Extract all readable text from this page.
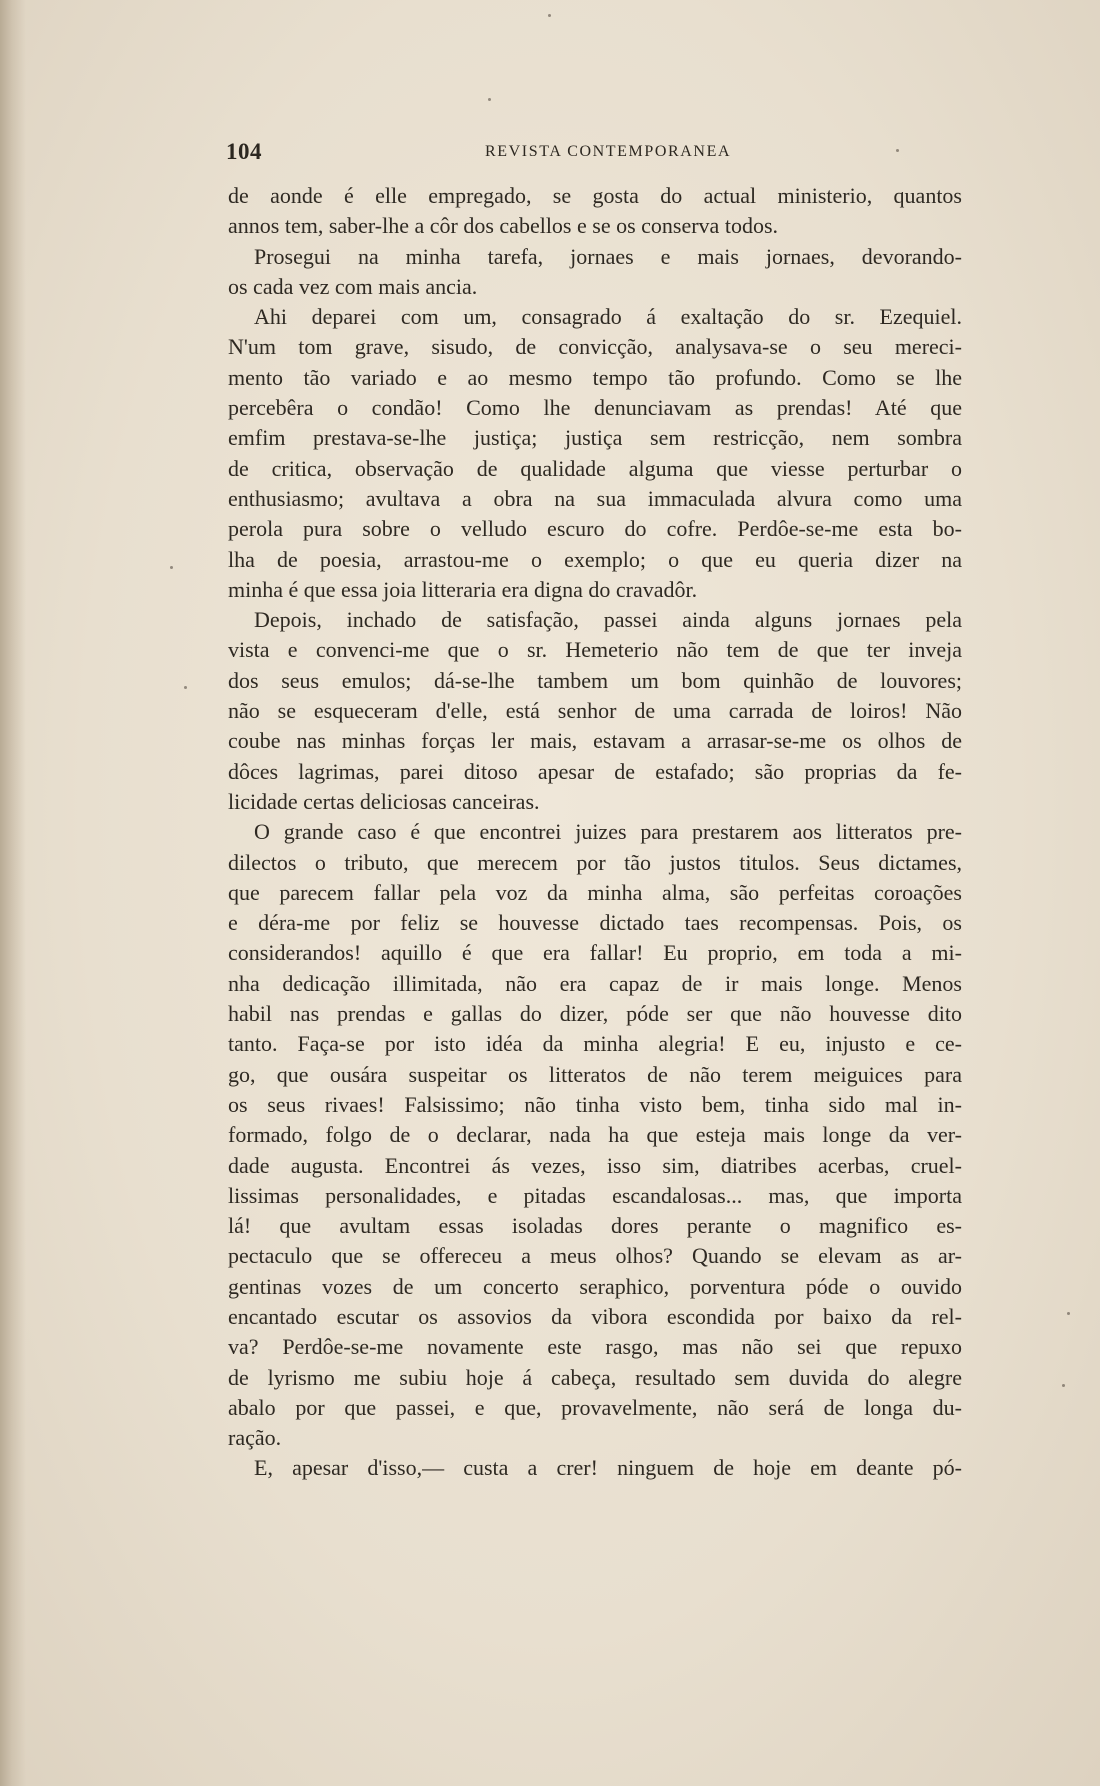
104	REVISTA CONTEMPORANEA
de aonde é elle empregado, se gosta do actual ministerio, quantos
annos tem, saber-lhe a côr dos cabellos e se os conserva todos.
Prosegui na minha tarefa, jornaes e mais jornaes, devorando-
os cada vez com mais ancia.
Ahi deparei com um, consagrado á exaltação do sr. Ezequiel.
N'um tom grave, sisudo, de convicção, analysava-se o seu mereci-
mento tão variado e ao mesmo tempo tão profundo. Como se lhe
percebêra o condão! Como lhe denunciavam as prendas! Até que
emfim prestava-se-lhe justiça; justiça sem restricção, nem sombra
de critica, observação de qualidade alguma que viesse perturbar o
enthusiasmo; avultava a obra na sua immaculada alvura como uma
perola pura sobre o velludo escuro do cofre. Perdôe-se-me esta bo-
lha de poesia, arrastou-me o exemplo; o que eu queria dizer na
minha é que essa joia litteraria era digna do cravadôr.
Depois, inchado de satisfação, passei ainda alguns jornaes pela
vista e convenci-me que o sr. Hemeterio não tem de que ter inveja
dos seus emulos; dá-se-lhe tambem um bom quinhão de louvores;
não se esqueceram d'elle, está senhor de uma carrada de loiros! Não
coube nas minhas forças ler mais, estavam a arrasar-se-me os olhos de
dôces lagrimas, parei ditoso apesar de estafado; são proprias da fe-
licidade certas deliciosas canceiras.
O grande caso é que encontrei juizes para prestarem aos litteratos pre-
dilectos o tributo, que merecem por tão justos titulos. Seus dictames,
que parecem fallar pela voz da minha alma, são perfeitas coroações
e déra-me por feliz se houvesse dictado taes recompensas. Pois, os
considerandos! aquillo é que era fallar! Eu proprio, em toda a mi-
nha dedicação illimitada, não era capaz de ir mais longe. Menos
habil nas prendas e gallas do dizer, póde ser que não houvesse dito
tanto. Faça-se por isto idéa da minha alegria! E eu, injusto e ce-
go, que ousára suspeitar os litteratos de não terem meiguices para
os seus rivaes! Falsissimo; não tinha visto bem, tinha sido mal in-
formado, folgo de o declarar, nada ha que esteja mais longe da ver-
dade augusta. Encontrei ás vezes, isso sim, diatribes acerbas, cruel-
lissimas personalidades, e pitadas escandalosas... mas, que importa
lá! que avultam essas isoladas dores perante o magnifico es-
pectaculo que se offereceu a meus olhos? Quando se elevam as ar-
gentinas vozes de um concerto seraphico, porventura póde o ouvido
encantado escutar os assovios da vibora escondida por baixo da rel-
va? Perdôe-se-me novamente este rasgo, mas não sei que repuxo
de lyrismo me subiu hoje á cabeça, resultado sem duvida do alegre
abalo por que passei, e que, provavelmente, não será de longa du-
ração.
E, apesar d'isso,— custa a crer! ninguem de hoje em deante pó-
